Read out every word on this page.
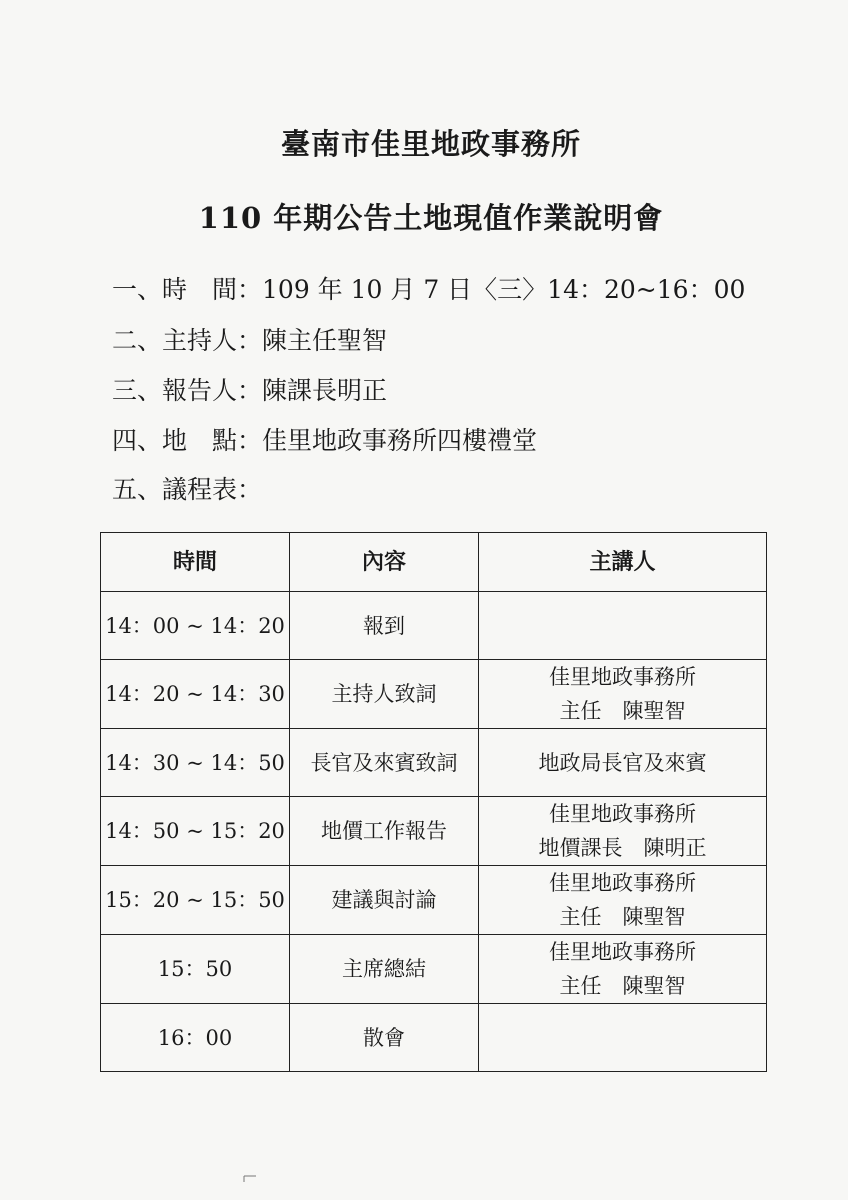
臺南市佳里地政事務所
110 年期公告土地現值作業說明會
一、時　間：109 年 10 月 7 日〈三〉14：20~16：00
二、主持人：陳主任聖智
三、報告人：陳課長明正
四、地　點：佳里地政事務所四樓禮堂
五、議程表：
時間	內容	主講人
14：00 ~ 14：20	報到	

14：20 ~ 14：30	主持人致詞	佳里地政事務所
主任　陳聖智

14：30 ~ 14：50	長官及來賓致詞	地政局長官及來賓

14：50 ~ 15：20	地價工作報告	佳里地政事務所
地價課長　陳明正

15：20 ~ 15：50	建議與討論	佳里地政事務所
主任　陳聖智

15：50	主席總結	佳里地政事務所
主任　陳聖智

16：00	散會	
